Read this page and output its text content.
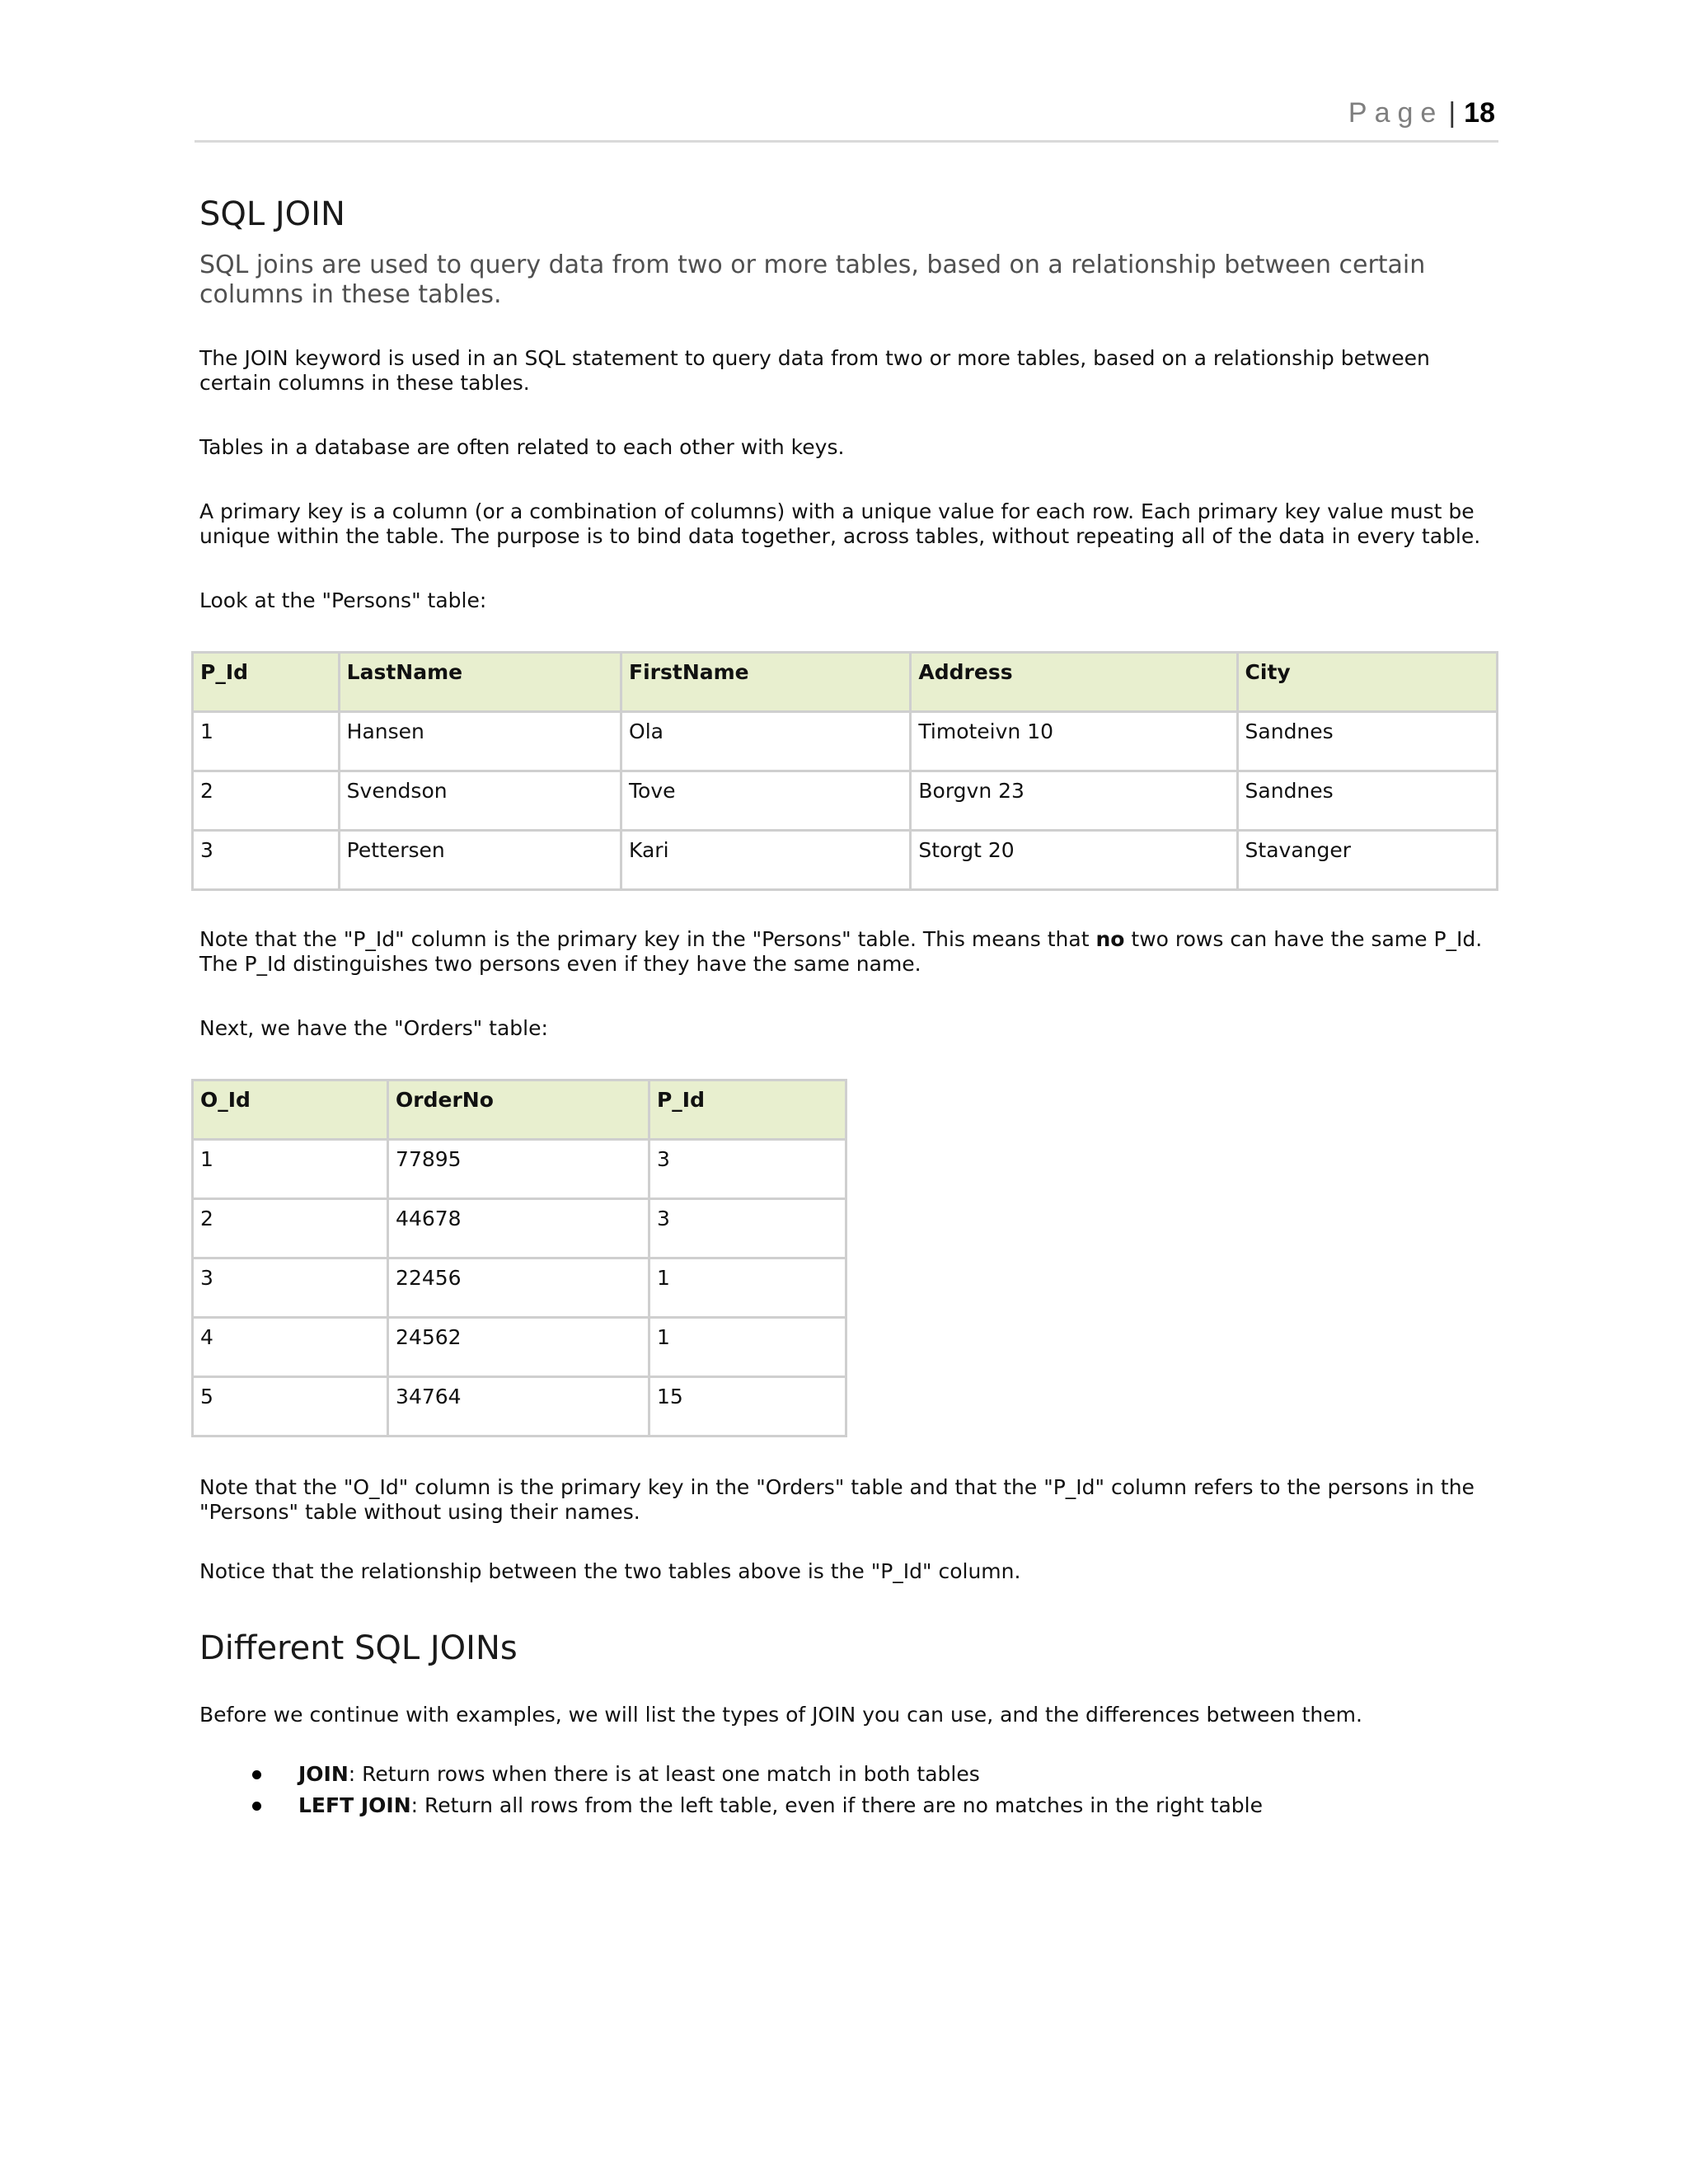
Page | 18
SQL JOIN

SQL joins are used to query data from two or more tables, based on a relationship between certain columns in these tables.

The JOIN keyword is used in an SQL statement to query data from two or more tables, based on a relationship between certain columns in these tables.

Tables in a database are often related to each other with keys.

A primary key is a column (or a combination of columns) with a unique value for each row. Each primary key value must be unique within the table. The purpose is to bind data together, across tables, without repeating all of the data in every table.

Look at the "Persons" table:

P_Id	LastName	FirstName	Address	City
1	Hansen	Ola	Timoteivn 10	Sandnes
2	Svendson	Tove	Borgvn 23	Sandnes
3	Pettersen	Kari	Storgt 20	Stavanger

Note that the "P_Id" column is the primary key in the "Persons" table. This means that no two rows can have the same P_Id. The P_Id distinguishes two persons even if they have the same name.

Next, we have the "Orders" table:

O_Id	OrderNo	P_Id
1	77895	3
2	44678	3
3	22456	1
4	24562	1
5	34764	15

Note that the "O_Id" column is the primary key in the "Orders" table and that the "P_Id" column refers to the persons in the "Persons" table without using their names.

Notice that the relationship between the two tables above is the "P_Id" column.

Different SQL JOINs

Before we continue with examples, we will list the types of JOIN you can use, and the differences between them.

JOIN: Return rows when there is at least one match in both tables
LEFT JOIN: Return all rows from the left table, even if there are no matches in the right table
